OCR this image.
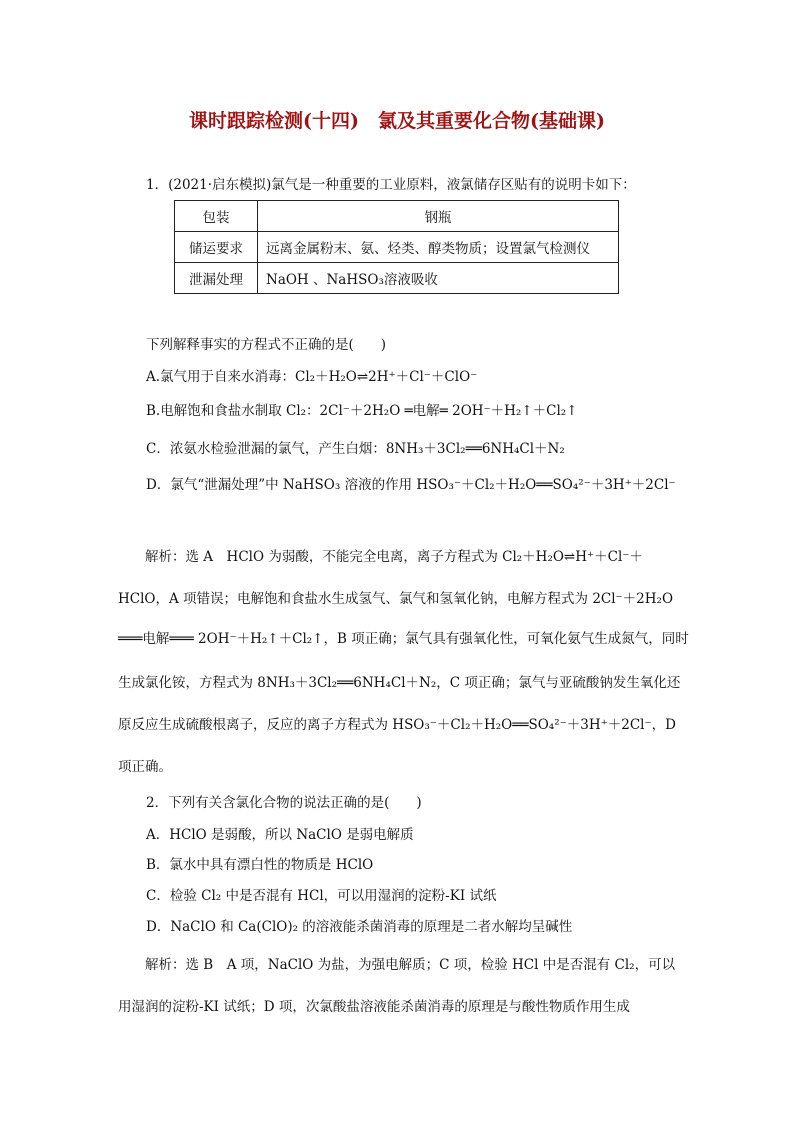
课时跟踪检测(十四)　氯及其重要化合物(基础课)
1．(2021·启东模拟)氯气是一种重要的工业原料，液氯储存区贴有的说明卡如下：
包装	钢瓶
储运要求	远离金属粉末、氨、烃类、醇类物质；设置氯气检测仪
泄漏处理	NaOH 、NaHSO₃溶液吸收
下列解释事实的方程式不正确的是(　　)
A.氯气用于自来水消毒：Cl₂＋H₂O⇌2H⁺＋Cl⁻＋ClO⁻
B.电解饱和食盐水制取 Cl₂：2Cl⁻＋2H₂O ═电解═ 2OH⁻＋H₂↑＋Cl₂↑
C．浓氨水检验泄漏的氯气，产生白烟：8NH₃＋3Cl₂══6NH₄Cl＋N₂
D．氯气“泄漏处理”中 NaHSO₃ 溶液的作用 HSO₃⁻＋Cl₂＋H₂O══SO₄²⁻＋3H⁺＋2Cl⁻
　　解析：选 A　HClO 为弱酸，不能完全电离，离子方程式为 Cl₂＋H₂O⇌H⁺＋Cl⁻＋
HClO，A 项错误；电解饱和食盐水生成氢气、氯气和氢氧化钠，电解方程式为 2Cl⁻＋2H₂O
═══电解═══ 2OH⁻＋H₂↑＋Cl₂↑，B 项正确；氯气具有强氧化性，可氧化氨气生成氮气，同时
生成氯化铵，方程式为 8NH₃＋3Cl₂══6NH₄Cl＋N₂，C 项正确；氯气与亚硫酸钠发生氧化还
原反应生成硫酸根离子，反应的离子方程式为 HSO₃⁻＋Cl₂＋H₂O══SO₄²⁻＋3H⁺＋2Cl⁻，D
项正确。
2．下列有关含氯化合物的说法正确的是(　　)
A．HClO 是弱酸，所以 NaClO 是弱电解质
B．氯水中具有漂白性的物质是 HClO
C．检验 Cl₂ 中是否混有 HCl，可以用湿润的淀粉-KI 试纸
D．NaClO 和 Ca(ClO)₂ 的溶液能杀菌消毒的原理是二者水解均呈碱性
　　解析：选 B　A 项，NaClO 为盐，为强电解质；C 项，检验 HCl 中是否混有 Cl₂，可以
用湿润的淀粉-KI 试纸；D 项，次氯酸盐溶液能杀菌消毒的原理是与酸性物质作用生成
